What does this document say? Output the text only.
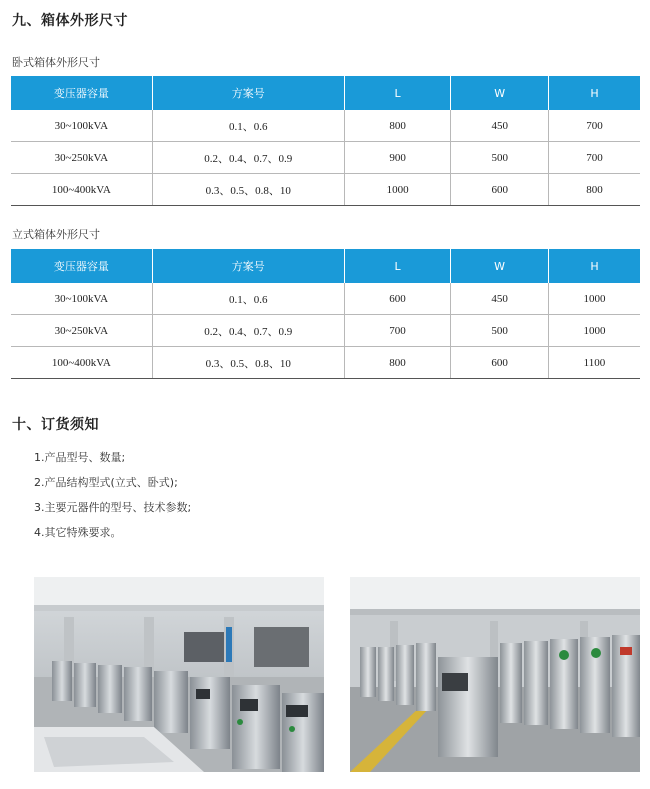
九、箱体外形尺寸
卧式箱体外形尺寸
变压器容量	方案号	L	W	H
30~100kVA	0.1、0.6	800	450	700
30~250kVA	0.2、0.4、0.7、0.9	900	500	700
100~400kVA	0.3、0.5、0.8、10	1000	600	800
立式箱体外形尺寸
变压器容量	方案号	L	W	H
30~100kVA	0.1、0.6	600	450	1000
30~250kVA	0.2、0.4、0.7、0.9	700	500	1000
100~400kVA	0.3、0.5、0.8、10	800	600	1100
十、订货须知
1.产品型号、数量;
2.产品结构型式(立式、卧式);
3.主要元器件的型号、技术参数;
4.其它特殊要求。
